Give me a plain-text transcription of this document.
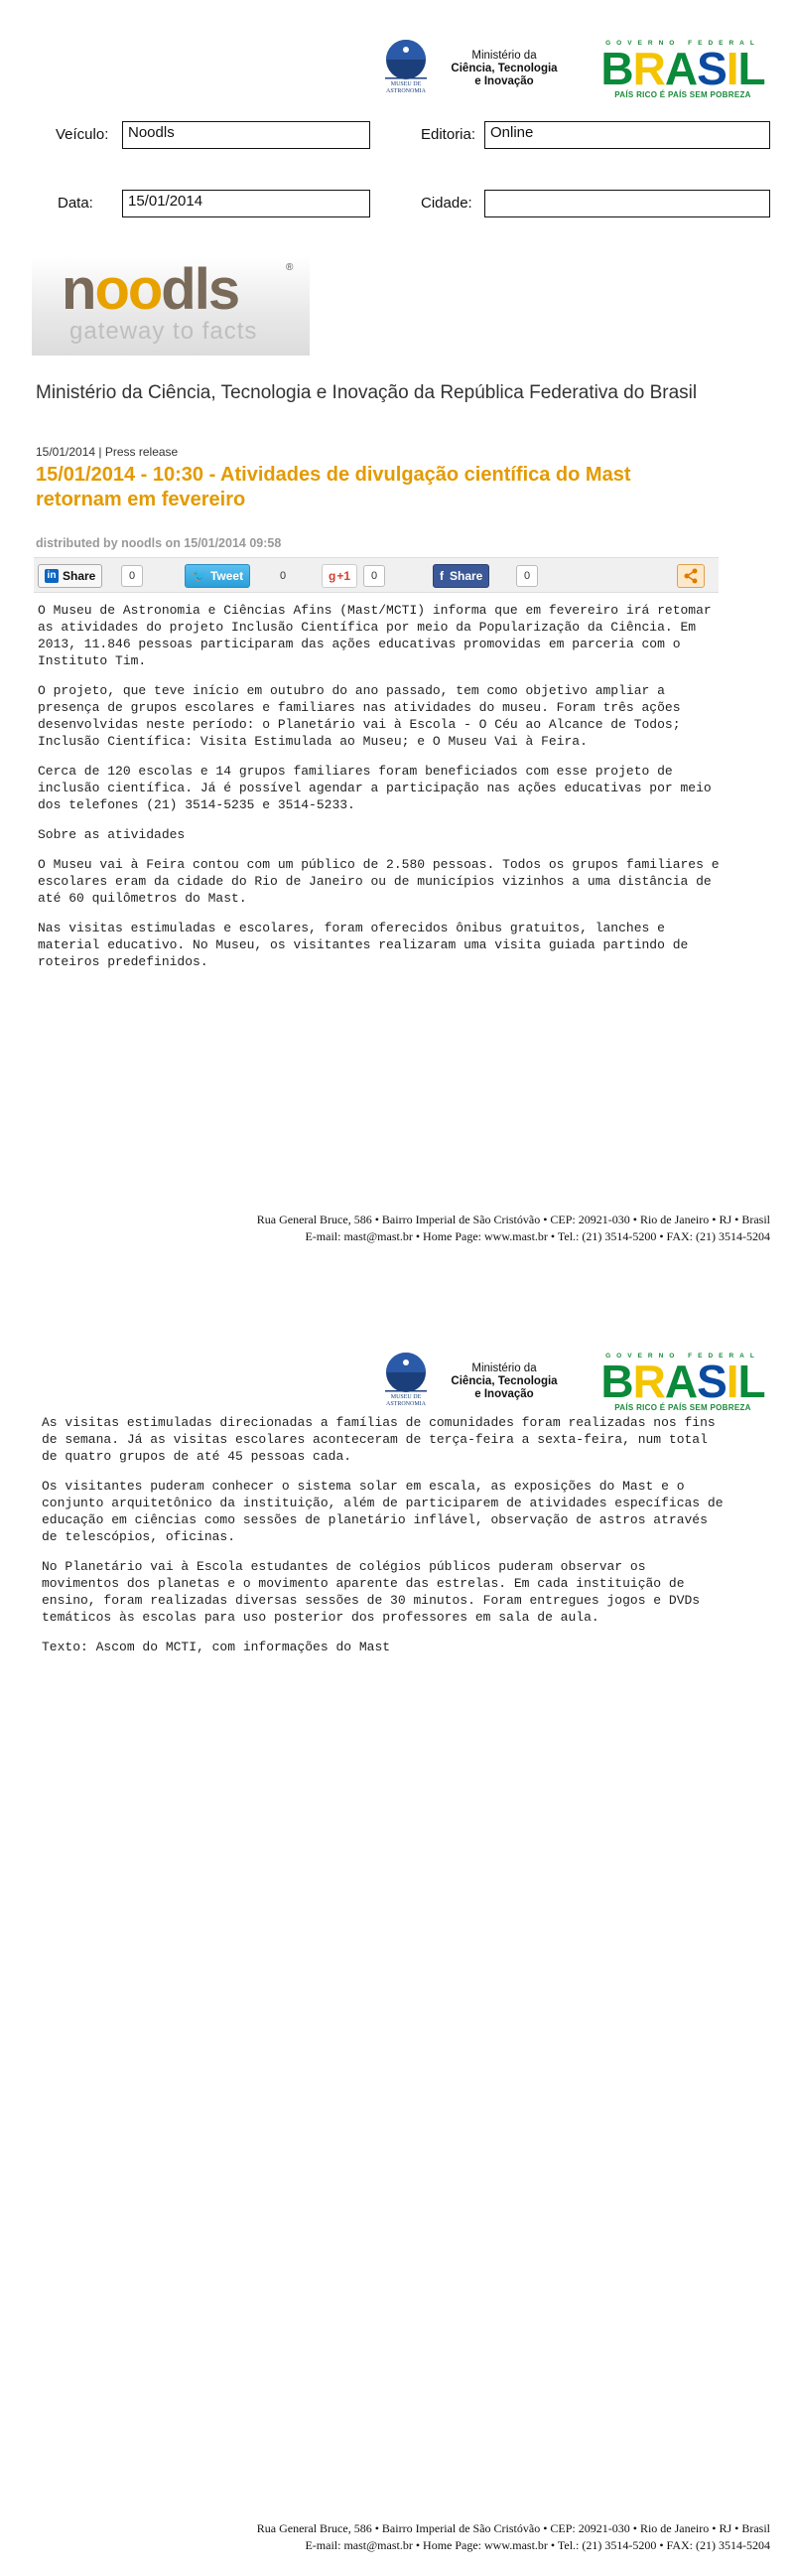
MUSEU DE
ASTRONOMIA
Ministério da
Ciência, Tecnologia
e Inovação
GOVERNO FEDERAL
BRASIL
PAÍS RICO É PAÍS SEM POBREZA
Veículo:	Noodls	Editoria: Online
Data:	15/01/2014	Cidade:
noodls	®
gateway to facts
Ministério da Ciência, Tecnologia e Inovação da República Federativa do Brasil
15/01/2014 | Press release
15/01/2014 - 10:30 - Atividades de divulgação científica do Mast retornam em fevereiro
distributed by noodls on 15/01/2014 09:58
in Share	0	🐦 Tweet	0	g +1	0	f Share	0

O Museu de Astronomia e Ciências Afins (Mast/MCTI) informa que em fevereiro irá retomar as atividades do projeto Inclusão Científica por meio da Popularização da Ciência. Em 2013, 11.846 pessoas participaram das ações educativas promovidas em parceria com o Instituto Tim.

O projeto, que teve início em outubro do ano passado, tem como objetivo ampliar a presença de grupos escolares e familiares nas atividades do museu. Foram três ações desenvolvidas neste período: o Planetário vai à Escola - O Céu ao Alcance de Todos; Inclusão Científica: Visita Estimulada ao Museu; e O Museu Vai à Feira.

Cerca de 120 escolas e 14 grupos familiares foram beneficiados com esse projeto de inclusão científica. Já é possível agendar a participação nas ações educativas por meio dos telefones (21) 3514-5235 e 3514-5233.

Sobre as atividades

O Museu vai à Feira contou com um público de 2.580 pessoas. Todos os grupos familiares e escolares eram da cidade do Rio de Janeiro ou de municípios vizinhos a uma distância de até 60 quilômetros do Mast.

Nas visitas estimuladas e escolares, foram oferecidos ônibus gratuitos, lanches e material educativo. No Museu, os visitantes realizaram uma visita guiada partindo de roteiros predefinidos.

Rua General Bruce, 586 • Bairro Imperial de São Cristóvão • CEP: 20921-030 • Rio de Janeiro • RJ • Brasil
E-mail: mast@mast.br • Home Page: www.mast.br • Tel.: (21) 3514-5200 • FAX: (21) 3514-5204
MUSEU DE
ASTRONOMIA
Ministério da
Ciência, Tecnologia
e Inovação
GOVERNO FEDERAL
BRASIL
PAÍS RICO É PAÍS SEM POBREZA

As visitas estimuladas direcionadas a famílias de comunidades foram realizadas nos fins de semana. Já as visitas escolares aconteceram de terça-feira a sexta-feira, num total de quatro grupos de até 45 pessoas cada.

Os visitantes puderam conhecer o sistema solar em escala, as exposições do Mast e o conjunto arquitetônico da instituição, além de participarem de atividades específicas de educação em ciências como sessões de planetário inflável, observação de astros através de telescópios, oficinas.

No Planetário vai à Escola estudantes de colégios públicos puderam observar os movimentos dos planetas e o movimento aparente das estrelas. Em cada instituição de ensino, foram realizadas diversas sessões de 30 minutos. Foram entregues jogos e DVDs temáticos às escolas para uso posterior dos professores em sala de aula.

Texto: Ascom do MCTI, com informações do Mast

Rua General Bruce, 586 • Bairro Imperial de São Cristóvão • CEP: 20921-030 • Rio de Janeiro • RJ • Brasil
E-mail: mast@mast.br • Home Page: www.mast.br • Tel.: (21) 3514-5200 • FAX: (21) 3514-5204
